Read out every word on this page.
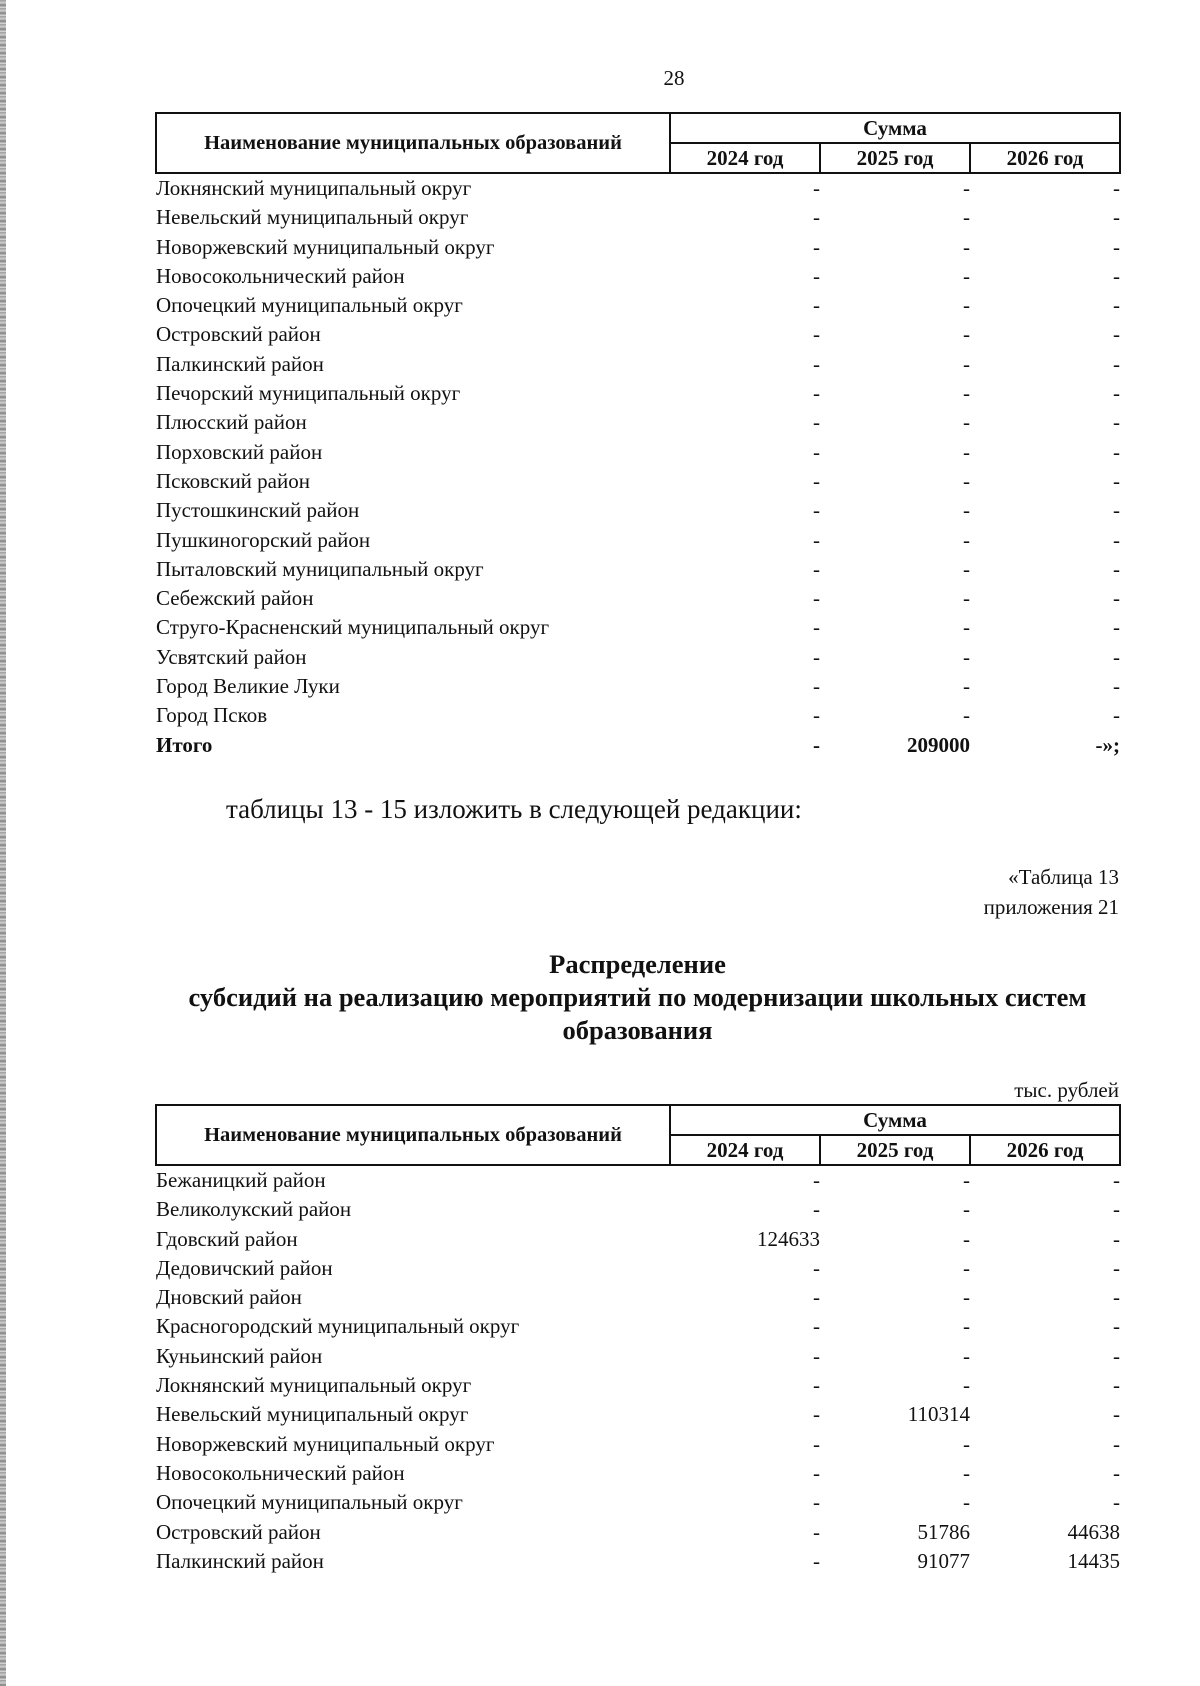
28
Наименование муниципальных образований	Сумма		
	2024 год	2025 год	2026 год
Локнянский муниципальный округ	-	-	-
Невельский муниципальный округ	-	-	-
Новоржевский муниципальный округ	-	-	-
Новосокольнический район	-	-	-
Опочецкий муниципальный округ	-	-	-
Островский район	-	-	-
Палкинский район	-	-	-
Печорский муниципальный округ	-	-	-
Плюсский район	-	-	-
Порховский район	-	-	-
Псковский район	-	-	-
Пустошкинский район	-	-	-
Пушкиногорский район	-	-	-
Пыталовский муниципальный округ	-	-	-
Себежский район	-	-	-
Струго-Красненский муниципальный округ	-	-	-
Усвятский район	-	-	-
Город Великие Луки	-	-	-
Город Псков	-	-	-
Итого	-	209000	-»;
таблицы 13 - 15 изложить в следующей редакции:
«Таблица 13
приложения 21
Распределение
субсидий на реализацию мероприятий по модернизации школьных систем
образования
тыс. рублей
Наименование муниципальных образований	Сумма		
	2024 год	2025 год	2026 год
Бежаницкий район	-	-	-
Великолукский район	-	-	-
Гдовский район	124633	-	-
Дедовичский район	-	-	-
Дновский район	-	-	-
Красногородский муниципальный округ	-	-	-
Куньинский район	-	-	-
Локнянский муниципальный округ	-	-	-
Невельский муниципальный округ	-	110314	-
Новоржевский муниципальный округ	-	-	-
Новосокольнический район	-	-	-
Опочецкий муниципальный округ	-	-	-
Островский район	-	51786	44638
Палкинский район	-	91077	14435
